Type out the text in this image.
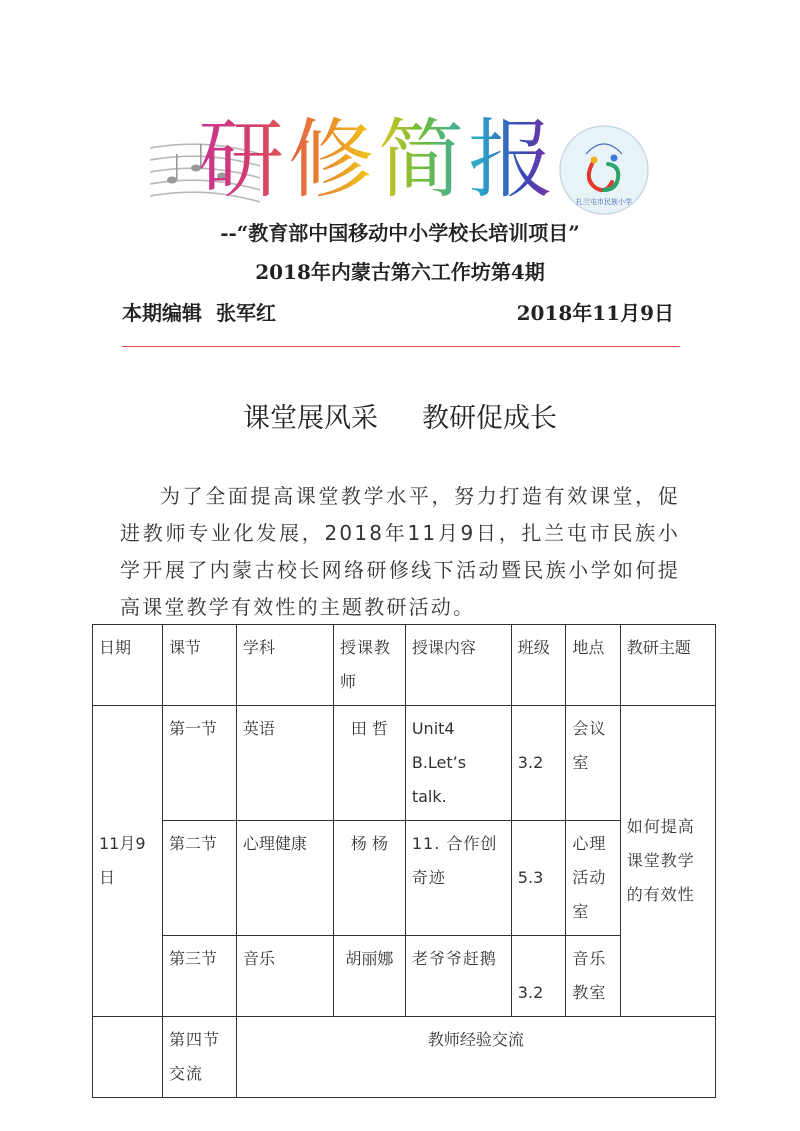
研修简报	扎兰屯市民族小学
--“教育部中国移动中小学校长培训项目”
2018年内蒙古第六工作坊第4期
本期编辑 张军红	2018年11月9日
课堂展风采 教研促成长

为了全面提高课堂教学水平，努力打造有效课堂，促进教师专业化发展，2018年11月9日，扎兰屯市民族小学开展了内蒙古校长网络研修线下活动暨民族小学如何提高课堂教学有效性的主题教研活动。

日期	课节	学科	授课教师	授课内容	班级	地点	教研主题
11月9日	第一节	英语	田 哲	Unit4 B.Let’s talk.	3.2	会议室	如何提高课堂教学的有效性
	第二节	心理健康	杨 杨	11. 合作创奇迹	5.3	心理活动室	
	第三节	音乐	胡丽娜	老爷爷赶鹅	3.2	音乐教室	
	第四节交流	教师经验交流					
